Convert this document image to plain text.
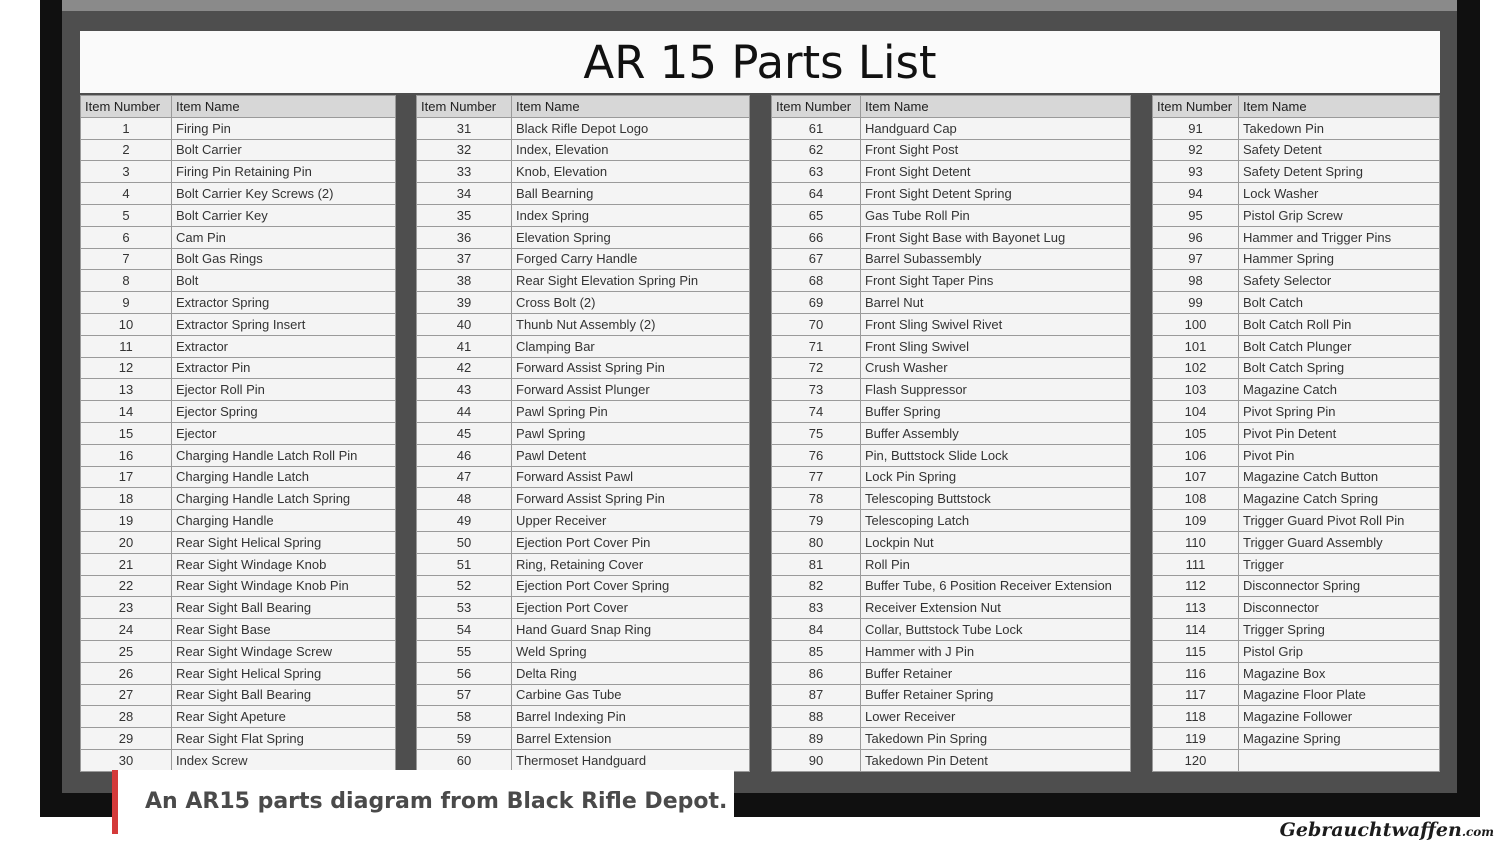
AR 15 Parts List
Item Number	Item Name
1	Firing Pin
2	Bolt Carrier
3	Firing Pin Retaining Pin
4	Bolt Carrier Key Screws (2)
5	Bolt Carrier Key
6	Cam Pin
7	Bolt Gas Rings
8	Bolt
9	Extractor Spring
10	Extractor Spring Insert
11	Extractor
12	Extractor Pin
13	Ejector Roll Pin
14	Ejector Spring
15	Ejector
16	Charging Handle Latch Roll Pin
17	Charging Handle Latch
18	Charging Handle Latch Spring
19	Charging Handle
20	Rear Sight Helical Spring
21	Rear Sight Windage Knob
22	Rear Sight Windage Knob Pin
23	Rear Sight Ball Bearing
24	Rear Sight Base
25	Rear Sight Windage Screw
26	Rear Sight Helical Spring
27	Rear Sight Ball Bearing
28	Rear Sight Apeture
29	Rear Sight Flat Spring
30	Index Screw
Item Number	Item Name
31	Black Rifle Depot Logo
32	Index, Elevation
33	Knob, Elevation
34	Ball Bearning
35	Index Spring
36	Elevation Spring
37	Forged Carry Handle
38	Rear Sight Elevation Spring Pin
39	Cross Bolt (2)
40	Thunb Nut Assembly (2)
41	Clamping Bar
42	Forward Assist Spring Pin
43	Forward Assist Plunger
44	Pawl Spring Pin
45	Pawl Spring
46	Pawl Detent
47	Forward Assist Pawl
48	Forward Assist Spring Pin
49	Upper Receiver
50	Ejection Port Cover Pin
51	Ring, Retaining Cover
52	Ejection Port Cover Spring
53	Ejection Port Cover
54	Hand Guard Snap Ring
55	Weld Spring
56	Delta Ring
57	Carbine Gas Tube
58	Barrel Indexing Pin
59	Barrel Extension
60	Thermoset Handguard
Item Number	Item Name
61	Handguard Cap
62	Front Sight Post
63	Front Sight Detent
64	Front Sight Detent Spring
65	Gas Tube Roll Pin
66	Front Sight Base with Bayonet Lug
67	Barrel Subassembly
68	Front Sight Taper Pins
69	Barrel Nut
70	Front Sling Swivel Rivet
71	Front Sling Swivel
72	Crush Washer
73	Flash Suppressor
74	Buffer Spring
75	Buffer Assembly
76	Pin, Buttstock Slide Lock
77	Lock Pin Spring
78	Telescoping Buttstock
79	Telescoping Latch
80	Lockpin Nut
81	Roll Pin
82	Buffer Tube, 6 Position Receiver Extension
83	Receiver Extension Nut
84	Collar, Buttstock Tube Lock
85	Hammer with J Pin
86	Buffer Retainer
87	Buffer Retainer Spring
88	Lower Receiver
89	Takedown Pin Spring
90	Takedown Pin Detent
Item Number	Item Name
91	Takedown Pin
92	Safety Detent
93	Safety Detent Spring
94	Lock Washer
95	Pistol Grip Screw
96	Hammer and Trigger Pins
97	Hammer Spring
98	Safety Selector
99	Bolt Catch
100	Bolt Catch Roll Pin
101	Bolt Catch Plunger
102	Bolt Catch Spring
103	Magazine Catch
104	Pivot Spring Pin
105	Pivot Pin Detent
106	Pivot Pin
107	Magazine Catch Button
108	Magazine Catch Spring
109	Trigger Guard Pivot Roll Pin
110	Trigger Guard Assembly
111	Trigger
112	Disconnector Spring
113	Disconnector
114	Trigger Spring
115	Pistol Grip
116	Magazine Box
117	Magazine Floor Plate
118	Magazine Follower
119	Magazine Spring
120	
An AR15 parts diagram from Black Rifle Depot.
Gebrauchtwaffen.com
